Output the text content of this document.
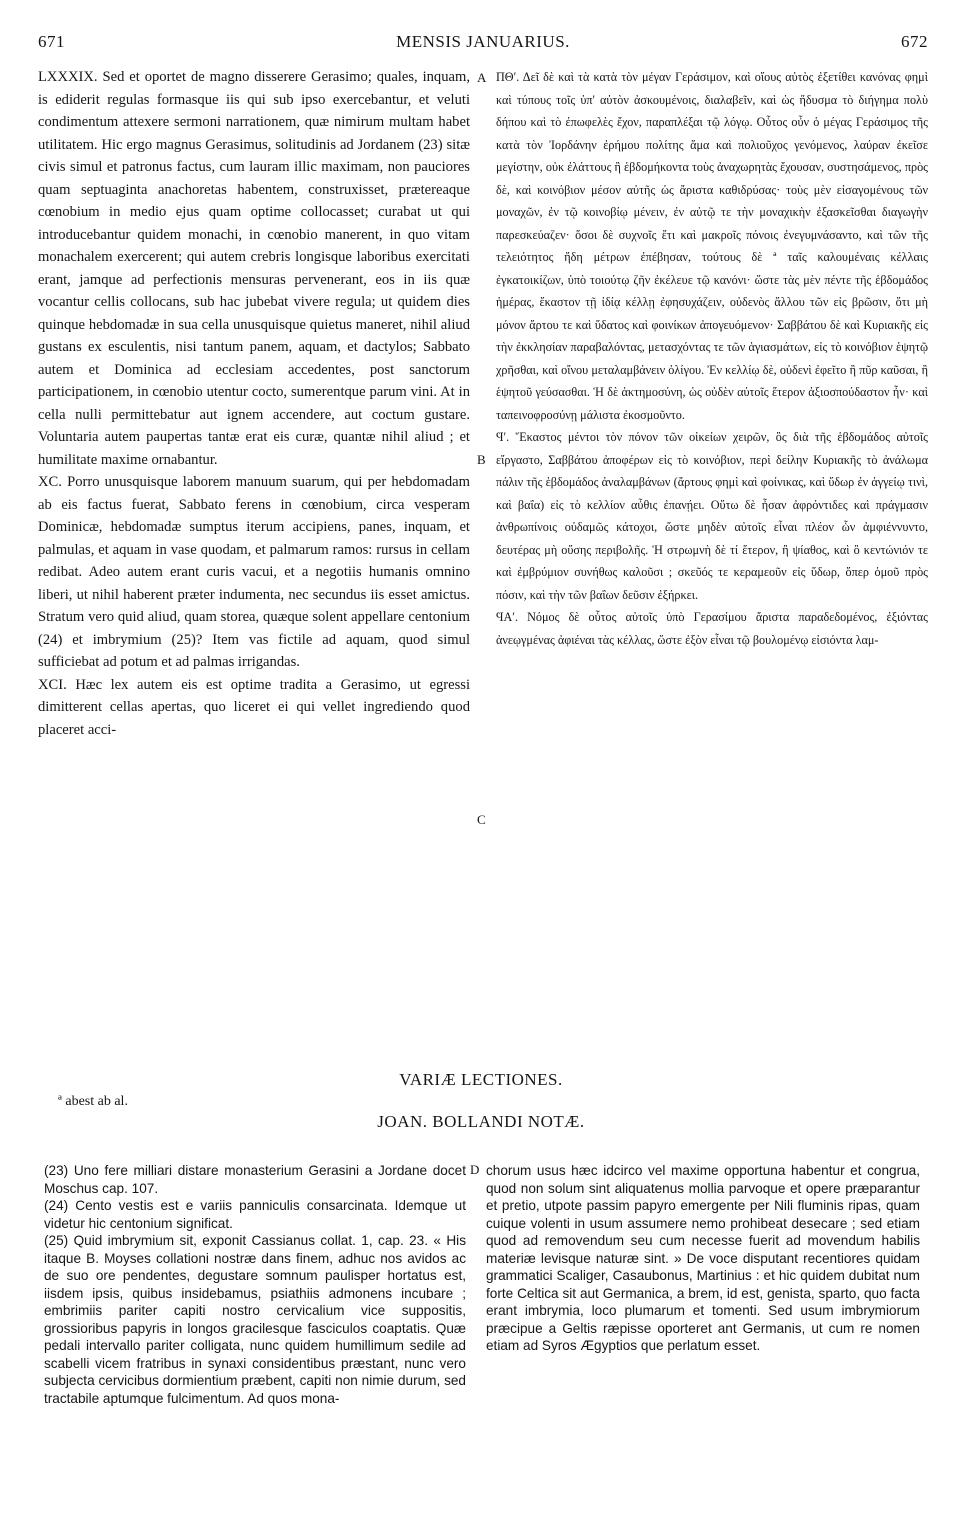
671	MENSIS JANUARIUS.	672

LXXXIX. Sed et oportet de magno disserere Gerasimo; quales, inquam, is ediderit regulas formasque iis qui sub ipso exercebantur, et veluti condimentum attexere sermoni narrationem, quæ nimirum multam habet utilitatem. Hic ergo magnus Gerasimus, solitudinis ad Jordanem (23) sitæ civis simul et patronus factus, cum lauram illic maximam, non pauciores quam septuaginta anachoretas habentem, construxisset, prætereaque cœnobium in medio ejus quam optime collocasset; curabat ut qui introducebantur quidem monachi, in cœnobio manerent, in quo vitam monachalem exercerent; qui autem crebris longisque laboribus exercitati erant, jamque ad perfectionis mensuras pervenerant, eos in iis quæ vocantur cellis collocans, sub hac jubebat vivere regula; ut quidem dies quinque hebdomadæ in sua cella unusquisque quietus maneret, nihil aliud gustans ex esculentis, nisi tantum panem, aquam, et dactylos; Sabbato autem et Dominica ad ecclesiam accedentes, post sanctorum participationem, in cœnobio utentur cocto, sumerentque parum vini. At in cella nulli permittebatur aut ignem accendere, aut coctum gustare. Voluntaria autem paupertas tantæ erat eis curæ, quantæ nihil aliud ; et humilitate maxime ornabantur.

XC. Porro unusquisque laborem manuum suarum, qui per hebdomadam ab eis factus fuerat, Sabbato ferens in cœnobium, circa vesperam Dominicæ, hebdomadæ sumptus iterum accipiens, panes, inquam, et palmulas, et aquam in vase quodam, et palmarum ramos: rursus in cellam redibat. Adeo autem erant curis vacui, et a negotiis humanis omnino liberi, ut nihil haberent præter indumenta, nec secundus iis esset amictus. Stratum vero quid aliud, quam storea, quæque solent appellare centonium (24) et imbrymium (25)? Item vas fictile ad aquam, quod simul sufficiebat ad potum et ad palmas irrigandas.

XCI. Hæc lex autem eis est optime tradita a Gerasimo, ut egressi dimitterent cellas apertas, quo liceret ei qui vellet ingrediendo quod placeret acci-

A
B
C
D

ΠΘʹ. Δεῖ δὲ καὶ τὰ κατὰ τὸν μέγαν Γεράσιμον, καὶ οἵους αὐτὸς ἐξετίθει κανόνας φημὶ καὶ τύπους τοῖς ὑπ' αὐτὸν ἀσκουμένοις, διαλαβεῖν, καὶ ὡς ἥδυσμα τὸ διήγημα πολὺ δήπου καὶ τὸ ἐπωφελὲς ἔχον, παραπλέξαι τῷ λόγῳ. Οὗτος οὖν ὁ μέγας Γεράσιμος τῆς κατὰ τὸν Ἰορδάνην ἐρήμου πολίτης ἅμα καὶ πολιοῦχος γενόμενος, λαύραν ἐκεῖσε μεγίστην, οὐκ ἐλάττους ἢ ἑβδομήκοντα τοὺς ἀναχωρητὰς ἔχουσαν, συστησάμενος, πρὸς δὲ, καὶ κοινόβιον μέσον αὐτῆς ὡς ἄριστα καθιδρύσας· τοὺς μὲν εἰσαγομένους τῶν μοναχῶν, ἐν τῷ κοινοβίῳ μένειν, ἐν αὐτῷ τε τὴν μοναχικὴν ἐξασκεῖσθαι διαγωγὴν παρεσκεύαζεν· ὅσοι δὲ συχνοῖς ἔτι καὶ μακροῖς πόνοις ἐνεγυμνάσαντο, καὶ τῶν τῆς τελειότητος ἤδη μέτρων ἐπέβησαν, τούτους δὲ ª ταῖς καλουμέναις κέλλαις ἐγκατοικίζων, ὑπὸ τοιούτῳ ζῆν ἐκέλευε τῷ κανόνι· ὥστε τὰς μὲν πέντε τῆς ἑβδομάδος ἡμέρας, ἕκαστον τῇ ἰδίᾳ κέλλῃ ἐφησυχάζειν, οὐδενὸς ἄλλου τῶν εἰς βρῶσιν, ὅτι μὴ μόνον ἄρτου τε καὶ ὕδατος καὶ φοινίκων ἀπογευόμενον· Σαββάτου δὲ καὶ Κυριακῆς εἰς τὴν ἐκκλησίαν παραβαλόντας, μετασχόντας τε τῶν ἁγιασμάτων, εἰς τὸ κοινόβιον ἑψητῷ χρῆσθαι, καὶ οἴνου μεταλαμβάνειν ὀλίγου. Ἐν κελλίῳ δὲ, οὐδενὶ ἐφεῖτο ἢ πῦρ καῦσαι, ἢ ἑψητοῦ γεύσασθαι. Ἡ δὲ ἀκτημοσύνη, ὡς οὐδὲν αὐτοῖς ἕτερον ἀξιοσπούδαστον ἦν· καὶ ταπεινοφροσύνῃ μάλιστα ἐκοσμοῦντο.

Ϥʹ. Ἕκαστος μέντοι τὸν πόνον τῶν οἰκείων χειρῶν, ὃς διὰ τῆς ἑβδομάδος αὐτοῖς εἴργαστο, Σαββάτου ἀποφέρων εἰς τὸ κοινόβιον, περὶ δείλην Κυριακῆς τὸ ἀνάλωμα πάλιν τῆς ἑβδομάδος ἀναλαμβάνων (ἄρτους φημὶ καὶ φοίνικας, καὶ ὕδωρ ἐν ἀγγείῳ τινὶ, καὶ βαΐα) εἰς τὸ κελλίον αὖθις ἐπανῄει. Οὕτω δὲ ἦσαν ἀφρόντιδες καὶ πράγμασιν ἀνθρωπίνοις οὐδαμῶς κάτοχοι, ὥστε μηδὲν αὐτοῖς εἶναι πλέον ὧν ἀμφιέννυντο, δευτέρας μὴ οὔσης περιβολῆς. Ἡ στρωμνὴ δὲ τί ἕτερον, ἢ ψίαθος, καὶ ὃ κεντώνιόν τε καὶ ἐμβρύμιον συνήθως καλοῦσι ; σκεῦός τε κεραμεοῦν εἰς ὕδωρ, ὅπερ ὁμοῦ πρὸς πόσιν, καὶ τὴν τῶν βαΐων δεῦσιν ἐξήρκει.

ϤΑʹ. Νόμος δὲ οὗτος αὐτοῖς ὑπὸ Γερασίμου ἄριστα παραδεδομένος, ἐξιόντας ἀνεῳγμένας ἀφιέναι τὰς κέλλας, ὥστε ἐξὸν εἶναι τῷ βουλομένῳ εἰσιόντα λαμ-

VARIÆ LECTIONES.
ª abest ab al.
JOAN. BOLLANDI NOTÆ.

(23) Uno fere milliari distare monasterium Gerasini a Jordane docet Moschus cap. 107.

(24) Cento vestis est e variis panniculis consarcinata. Idemque ut videtur hic centonium significat.

(25) Quid imbrymium sit, exponit Cassianus collat. 1, cap. 23. « His itaque B. Moyses collationi nostræ dans finem, adhuc nos avidos ac de suo ore pendentes, degustare somnum paulisper hortatus est, iisdem ipsis, quibus insidebamus, psiathiis admonens incubare ; embrimiis pariter capiti nostro cervicalium vice suppositis, grossioribus papyris in longos gracilesque fasciculos coaptatis. Quæ pedali intervallo pariter colligata, nunc quidem humillimum sedile ad scabelli vicem fratribus in synaxi considentibus præstant, nunc vero subjecta cervicibus dormientium præbent, capiti non nimie durum, sed tractabile aptumque fulcimentum. Ad quos mona-

chorum usus hæc idcirco vel maxime opportuna habentur et congrua, quod non solum sint aliquatenus mollia parvoque et opere præparantur et pretio, utpote passim papyro emergente per Nili fluminis ripas, quam cuique volenti in usum assumere nemo prohibeat desecare ; sed etiam quod ad removendum seu cum necesse fuerit ad movendum habilis materiæ levisque naturæ sint. » De voce disputant recentiores quidam grammatici Scaliger, Casaubonus, Martinius : et hic quidem dubitat num forte Celtica sit aut Germanica, a brem, id est, genista, sparto, quo facta erant imbrymia, loco plumarum et tomenti. Sed usum imbrymiorum præcipue a Geltis ræpisse oporteret ant Germanis, ut cum re nomen etiam ad Syros Ægyptios que perlatum esset.
